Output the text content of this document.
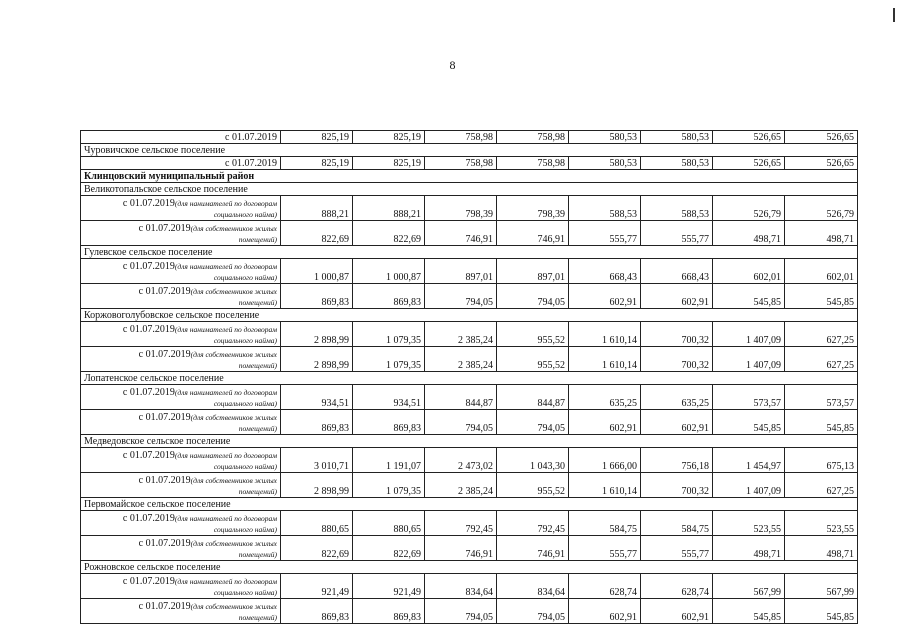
8
с 01.07.2019	825,19	825,19	758,98	758,98	580,53	580,53	526,65	526,65
Чуровичское сельское поселение								
с 01.07.2019	825,19	825,19	758,98	758,98	580,53	580,53	526,65	526,65
Клинцовский муниципальный район								
Великотопальское сельское поселение								

с 01.07.2019(для нанимателей по договорам
социального найма)	888,21	888,21	798,39	798,39	588,53	588,53	526,79	526,79

с 01.07.2019(для собственников жилых
помещений)	822,69	822,69	746,91	746,91	555,77	555,77	498,71	498,71
Гулевское сельское поселение								

с 01.07.2019(для нанимателей по договорам
социального найма)	1 000,87	1 000,87	897,01	897,01	668,43	668,43	602,01	602,01

с 01.07.2019(для собственников жилых
помещений)	869,83	869,83	794,05	794,05	602,91	602,91	545,85	545,85
Коржовоголубовское сельское поселение								

с 01.07.2019(для нанимателей по договорам
социального найма)	2 898,99	1 079,35	2 385,24	955,52	1 610,14	700,32	1 407,09	627,25

с 01.07.2019(для собственников жилых
помещений)	2 898,99	1 079,35	2 385,24	955,52	1 610,14	700,32	1 407,09	627,25
Лопатенское сельское поселение								

с 01.07.2019(для нанимателей по договорам
социального найма)	934,51	934,51	844,87	844,87	635,25	635,25	573,57	573,57

с 01.07.2019(для собственников жилых
помещений)	869,83	869,83	794,05	794,05	602,91	602,91	545,85	545,85
Медведовское сельское поселение								

с 01.07.2019(для нанимателей по договорам
социального найма)	3 010,71	1 191,07	2 473,02	1 043,30	1 666,00	756,18	1 454,97	675,13

с 01.07.2019(для собственников жилых
помещений)	2 898,99	1 079,35	2 385,24	955,52	1 610,14	700,32	1 407,09	627,25
Первомайское сельское поселение								

с 01.07.2019(для нанимателей по договорам
социального найма)	880,65	880,65	792,45	792,45	584,75	584,75	523,55	523,55

с 01.07.2019(для собственников жилых
помещений)	822,69	822,69	746,91	746,91	555,77	555,77	498,71	498,71
Рожновское сельское поселение								

с 01.07.2019(для нанимателей по договорам
социального найма)	921,49	921,49	834,64	834,64	628,74	628,74	567,99	567,99

с 01.07.2019(для собственников жилых
помещений)	869,83	869,83	794,05	794,05	602,91	602,91	545,85	545,85
